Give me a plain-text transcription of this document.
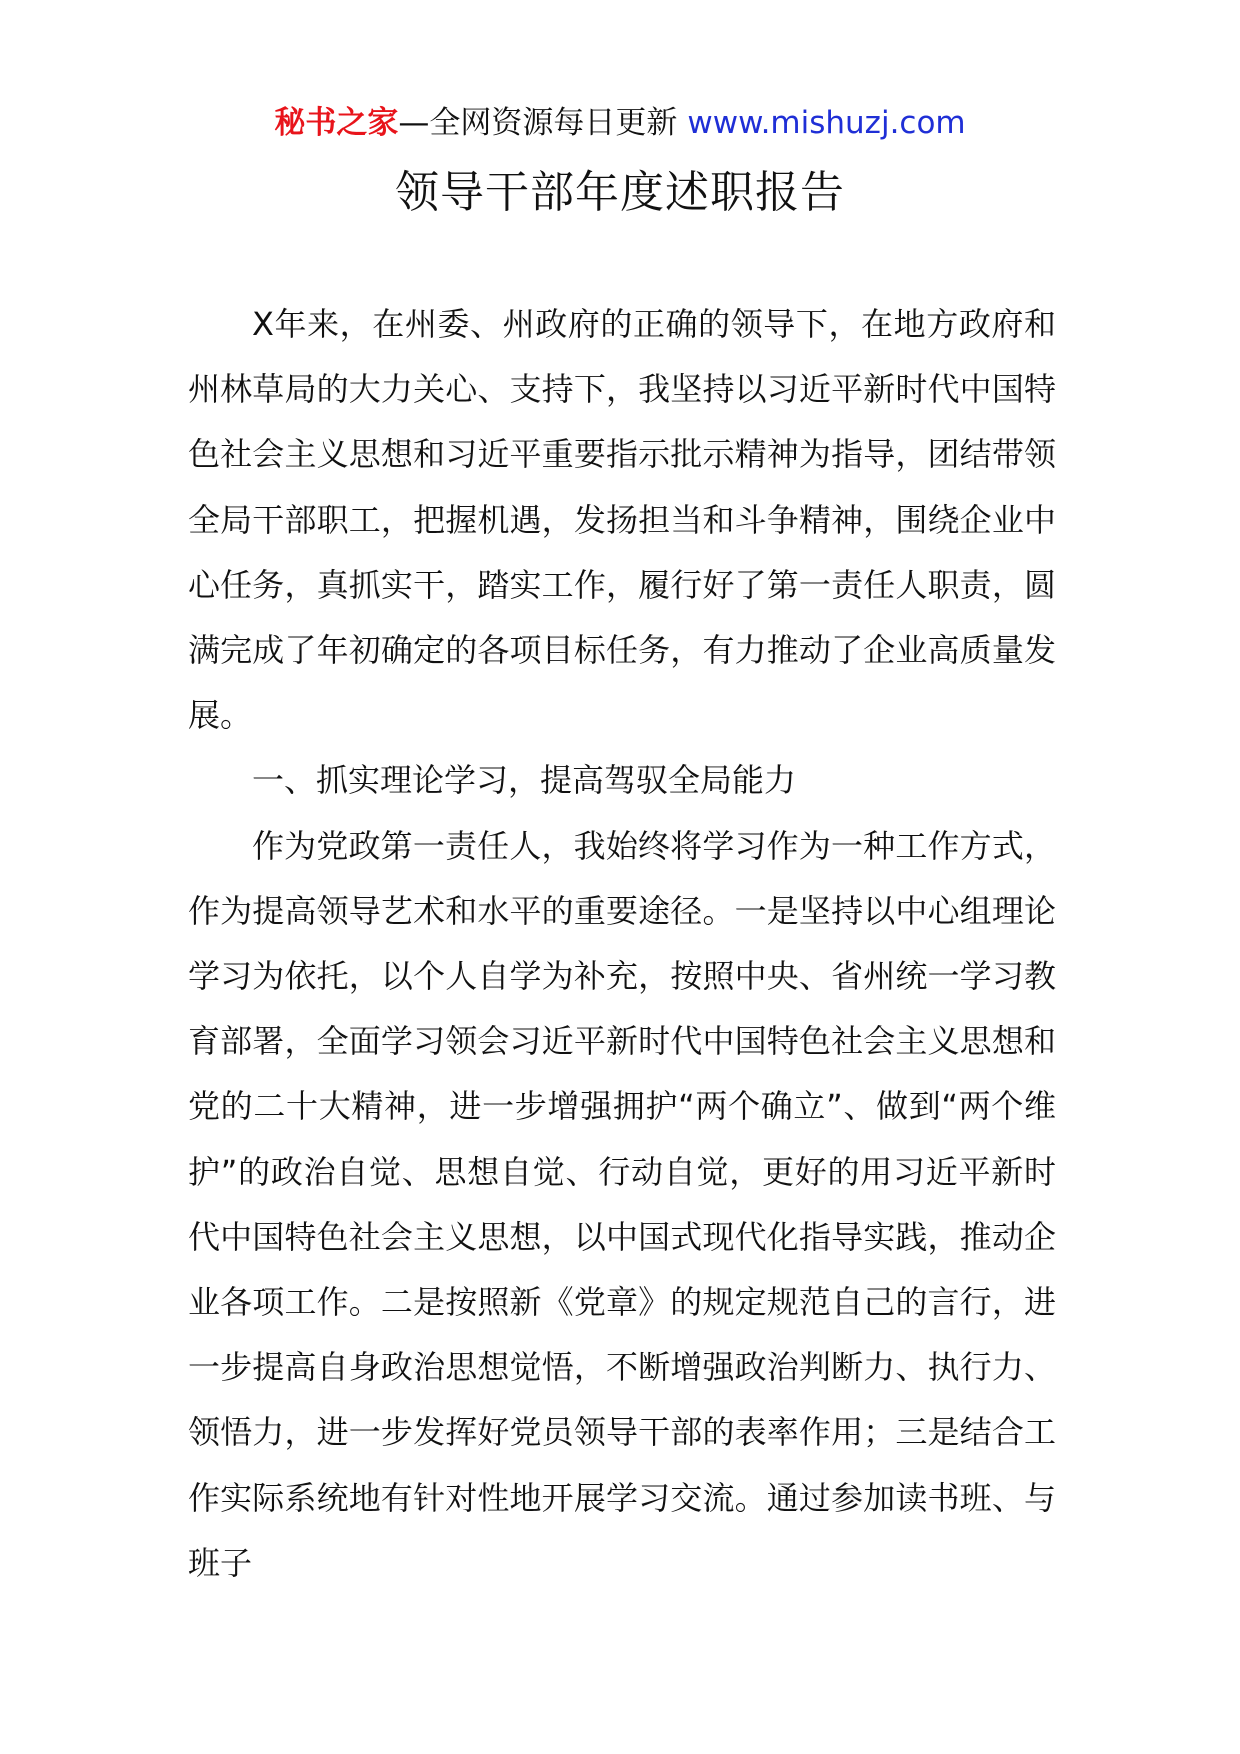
秘书之家—全网资源每日更新 www.mishuzj.com
领导干部年度述职报告

X年来，在州委、州政府的正确的领导下，在地方政府和州林草局的大力关心、支持下，我坚持以习近平新时代中国特色社会主义思想和习近平重要指示批示精神为指导，团结带领全局干部职工，把握机遇，发扬担当和斗争精神，围绕企业中心任务，真抓实干，踏实工作，履行好了第一责任人职责，圆满完成了年初确定的各项目标任务，有力推动了企业高质量发展。

一、抓实理论学习，提高驾驭全局能力

作为党政第一责任人，我始终将学习作为一种工作方式，作为提高领导艺术和水平的重要途径。一是坚持以中心组理论学习为依托，以个人自学为补充，按照中央、省州统一学习教育部署，全面学习领会习近平新时代中国特色社会主义思想和党的二十大精神，进一步增强拥护“两个确立”、做到“两个维护”的政治自觉、思想自觉、行动自觉，更好的用习近平新时代中国特色社会主义思想，以中国式现代化指导实践，推动企业各项工作。二是按照新《党章》的规定规范自己的言行，进一步提高自身政治思想觉悟，不断增强政治判断力、执行力、领悟力，进一步发挥好党员领导干部的表率作用；三是结合工作实际系统地有针对性地开展学习交流。通过参加读书班、与班子
